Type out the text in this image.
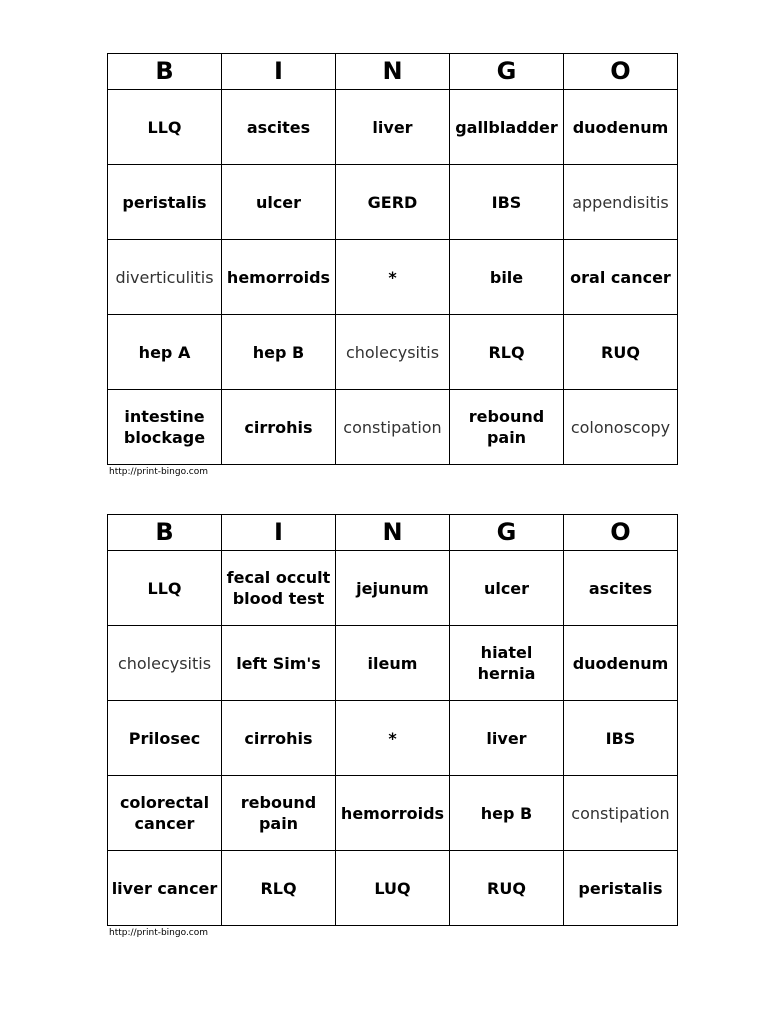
B	I	N	G	O
LLQ	ascites	liver	gallbladder	duodenum
peristalis	ulcer	GERD	IBS	appendisitis
diverticulitis	hemorroids	*	bile	oral cancer
hep A	hep B	cholecysitis	RLQ	RUQ
intestine blockage	cirrohis	constipation	rebound pain	colonoscopy
http://print-bingo.com
B	I	N	G	O
LLQ	fecal occult blood test	jejunum	ulcer	ascites
cholecysitis	left Sim's	ileum	hiatel hernia	duodenum
Prilosec	cirrohis	*	liver	IBS
colorectal cancer	rebound pain	hemorroids	hep B	constipation
liver cancer	RLQ	LUQ	RUQ	peristalis
http://print-bingo.com
